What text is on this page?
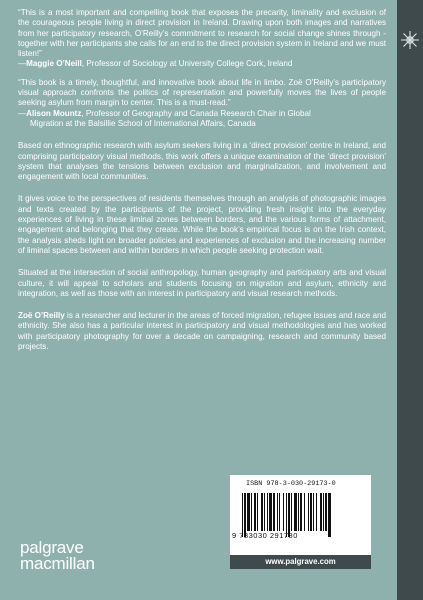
“This is a most important and compelling book that exposes the precarity, liminality and exclusion of the courageous people living in direct provision in Ireland. Drawing upon both images and narratives from her participatory research, O’Reilly’s commitment to research for social change shines through - together with her participants she calls for an end to the direct provision system in Ireland and we must listen!”

—Maggie O’Neill, Professor of Sociology at University College Cork, Ireland

“This book is a timely, thoughtful, and innovative book about life in limbo. Zoë O’Reilly’s participatory visual approach confronts the politics of representation and powerfully moves the lives of people seeking asylum from margin to center. This is a must-read.”

—Alison Mountz, Professor of Geography and Canada Research Chair in Global
Migration at the Balsillie School of International Affairs, Canada

Based on ethnographic research with asylum seekers living in a ‘direct provision’ centre in Ireland, and comprising participatory visual methods, this work offers a unique examination of the ‘direct provision’ system that analyses the tensions between exclusion and marginalization, and involvement and engagement with local communities.

It gives voice to the perspectives of residents themselves through an analysis of photographic images and texts created by the participants of the project, providing fresh insight into the everyday experiences of living in these liminal zones between borders, and the various forms of attachment, engagement and belonging that they create. While the book’s empirical focus is on the Irish context, the analysis sheds light on broader policies and experiences of exclusion and the increasing number of liminal spaces between and within borders in which people seeking protection wait.

Situated at the intersection of social anthropology, human geography and participatory arts and visual culture, it will appeal to scholars and students focusing on migration and asylum, ethnicity and integration, as well as those with an interest in participatory and visual research methods.

Zoë O’Reilly is a researcher and lecturer in the areas of forced migration, refugee issues and race and ethnicity. She also has a particular interest in participatory and visual methodologies and has worked with participatory photography for over a decade on campaigning, research and community based projects.

ISBN 978-3-030-29173-0
9 783030 291730
www.palgrave.com
palgrave
macmillan
